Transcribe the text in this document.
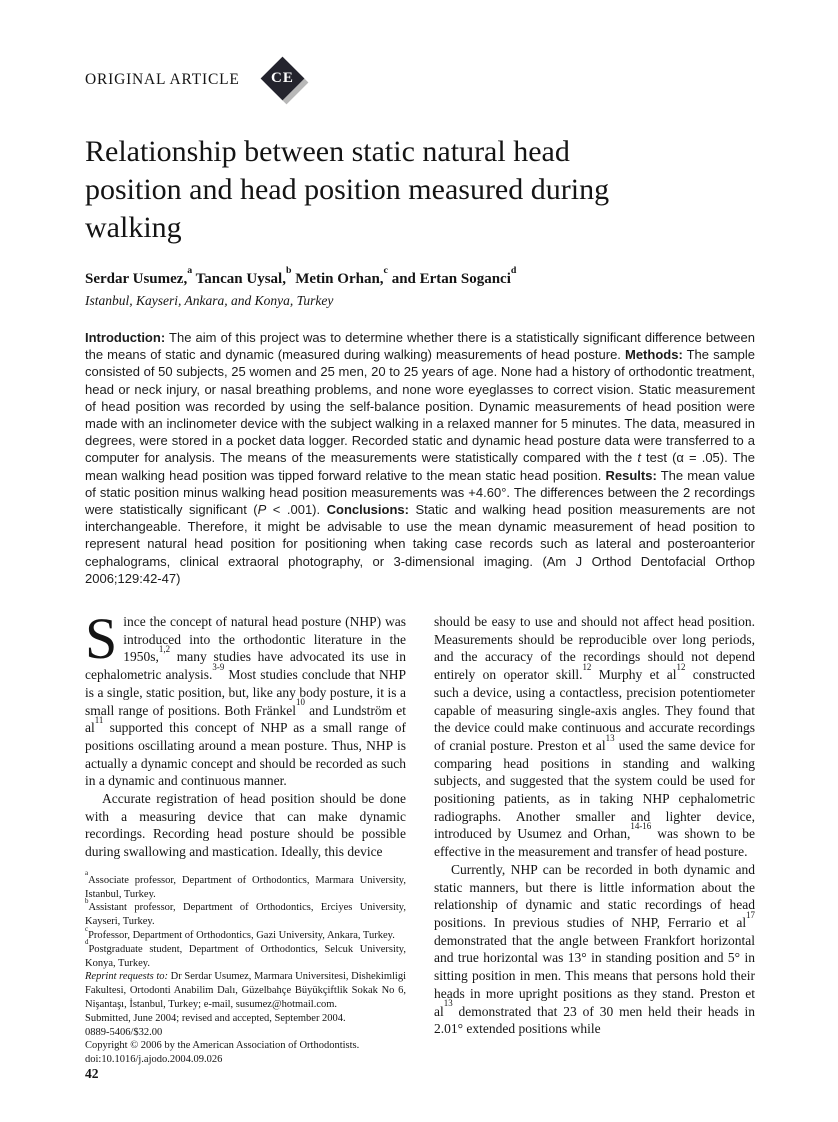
ORIGINAL ARTICLE CE
Relationship between static natural head position and head position measured during walking

Serdar Usumez,$^a$ Tancan Uysal,$^b$ Metin Orhan,$^c$ and Ertan Soganci$^d$

Istanbul, Kayseri, Ankara, and Konya, Turkey

Introduction: The aim of this project was to determine whether there is a statistically significant difference between the means of static and dynamic (measured during walking) measurements of head posture. Methods: The sample consisted of 50 subjects, 25 women and 25 men, 20 to 25 years of age. None had a history of orthodontic treatment, head or neck injury, or nasal breathing problems, and none wore eyeglasses to correct vision. Static measurement of head position was recorded by using the self-balance position. Dynamic measurements of head position were made with an inclinometer device with the subject walking in a relaxed manner for 5 minutes. The data, measured in degrees, were stored in a pocket data logger. Recorded static and dynamic head posture data were transferred to a computer for analysis. The means of the measurements were statistically compared with the t test (α = .05). The mean walking head position was tipped forward relative to the mean static head position. Results: The mean value of static position minus walking head position measurements was +4.60°. The differences between the 2 recordings were statistically significant (P < .001). Conclusions: Static and walking head position measurements are not interchangeable. Therefore, it might be advisable to use the mean dynamic measurement of head position to represent natural head position for positioning when taking case records such as lateral and posteroanterior cephalograms, clinical extraoral photography, or 3-dimensional imaging. (Am J Orthod Dentofacial Orthop 2006;129:42-47)

Since the concept of natural head posture (NHP) was introduced into the orthodontic literature in the 1950s,$^{1,2}$ many studies have advocated its use in cephalometric analysis.$^{3-9}$ Most studies conclude that NHP is a single, static position, but, like any body posture, it is a small range of positions. Both Fränkel$^{10}$ and Lundström et $al^{11}$ supported this concept of NHP as a small range of positions oscillating around a mean posture. Thus, NHP is actually a dynamic concept and should be recorded as such in a dynamic and continuous manner.

Accurate registration of head position should be done with a measuring device that can make dynamic recordings. Recording head posture should be possible during swallowing and mastication. Ideally, this device

$^a$Associate professor, Department of Orthodontics, Marmara University, Istanbul, Turkey.

$^b$Assistant professor, Department of Orthodontics, Erciyes University, Kayseri, Turkey.

$^c$Professor, Department of Orthodontics, Gazi University, Ankara, Turkey.

$^d$Postgraduate student, Department of Orthodontics, Selcuk University, Konya, Turkey.

Reprint requests to: Dr Serdar Usumez, Marmara Universitesi, Dishekimligi Fakultesi, Ortodonti Anabilim Dalı, Güzelbahçe Büyükçiftlik Sokak No 6, Nişantaşı, İstanbul, Turkey; e-mail, susumez@hotmail.com.

Submitted, June 2004; revised and accepted, September 2004.

0889-5406/$32.00

Copyright © 2006 by the American Association of Orthodontists.

doi:10.1016/j.ajodo.2004.09.026

should be easy to use and should not affect head position. Measurements should be reproducible over long periods, and the accuracy of the recordings should not depend entirely on operator skill.$^{12}$ Murphy et $al^{12}$ constructed such a device, using a contactless, precision potentiometer capable of measuring single-axis angles. They found that the device could make continuous and accurate recordings of cranial posture. Preston et $al^{13}$ used the same device for comparing head positions in standing and walking subjects, and suggested that the system could be used for positioning patients, as in taking NHP cephalometric radiographs. Another smaller and lighter device, introduced by Usumez and Orhan,$^{14-16}$ was shown to be effective in the measurement and transfer of head posture.

Currently, NHP can be recorded in both dynamic and static manners, but there is little information about the relationship of dynamic and static recordings of head positions. In previous studies of NHP, Ferrario et $al^{17}$ demonstrated that the angle between Frankfort horizontal and true horizontal was 13° in standing position and 5° in sitting position in men. This means that persons hold their heads in more upright positions as they stand. Preston et $al^{13}$ demonstrated that 23 of 30 men held their heads in 2.01° extended positions while

42
